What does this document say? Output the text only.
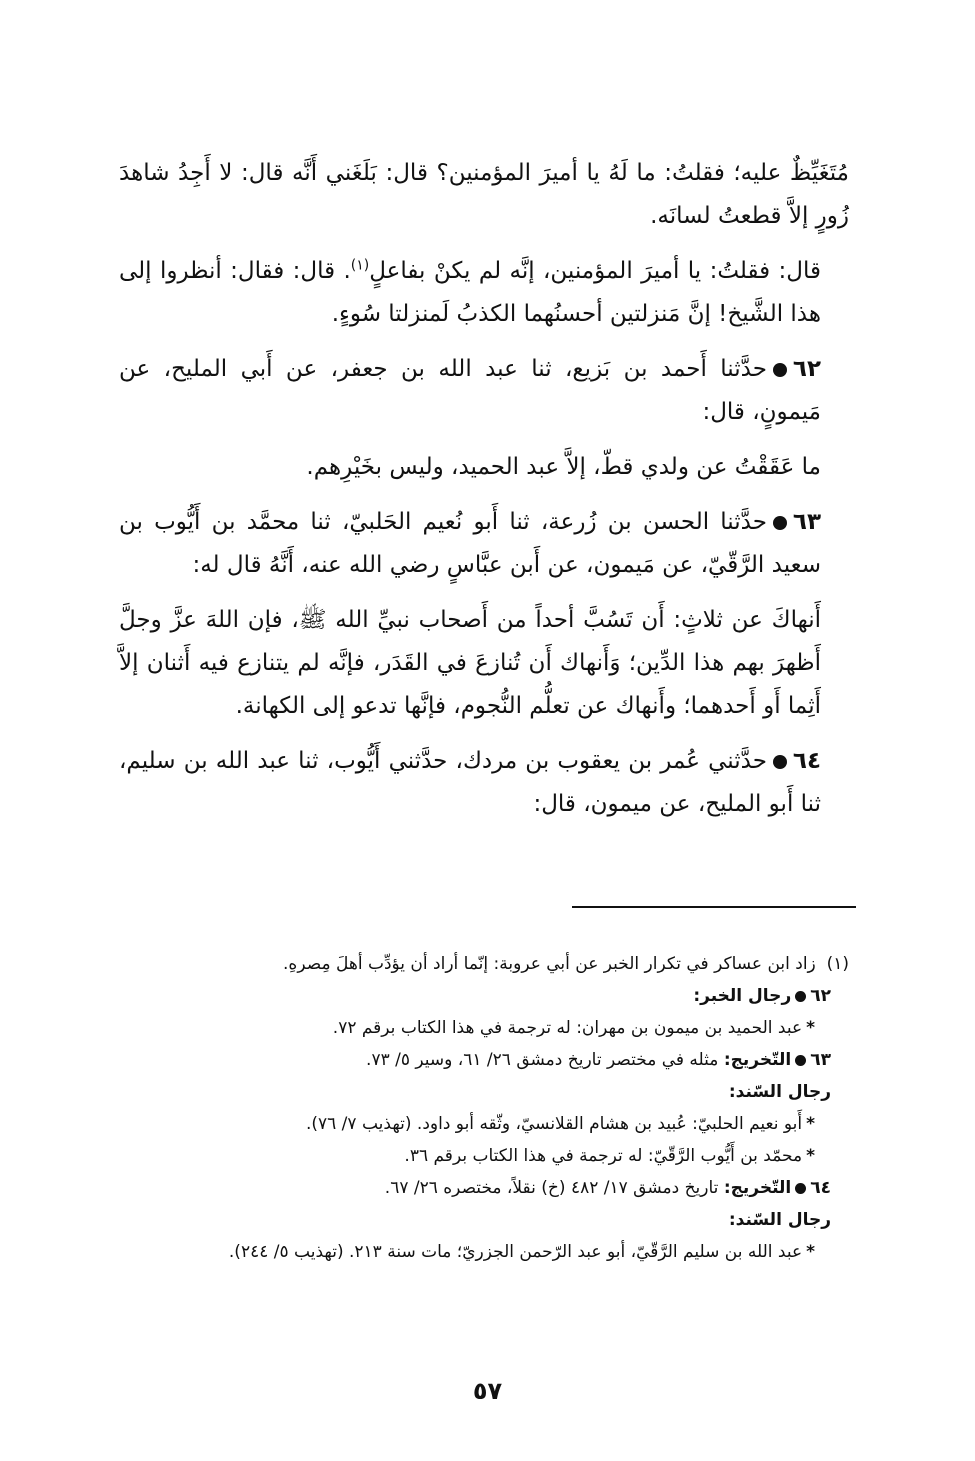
مُتَغَيِّظٌ عليه؛ فقلتُ: ما لَهُ يا أميرَ المؤمنين؟ قال: بَلَغَني أَنَّه قال: لا أَجِدُ شاهدَ زُورٍ إلاَّ قطعتُ لسانَه.

قال: فقلتُ: يا أميرَ المؤمنين، إنَّه لم يكنْ بفاعلٍ$^{(١)}$. قال: فقال: أنظروا إلى هذا الشَّيخ! إنَّ مَنزلتين أحسنُهما الكذبُ لَمنزلتا سُوءٍ.

٦٢حدَّثنا أَحمد بن بَزيع، ثنا عبد الله بن جعفر، عن أَبي المليح، عن مَيمونٍ، قال:

ما عَقَقْتُ عن ولدي قطّ، إلاَّ عبد الحميد، وليس بخَيْرِهم.

٦٣حدَّثنا الحسن بن زُرعة، ثنا أَبو نُعيم الحَلبيّ، ثنا محمَّد بن أَيُّوب بن سعيد الرَّقّيّ، عن مَيمون، عن أَبن عبَّاسٍ رضي الله عنه، أَنَّهُ قال له:

أَنهاكَ عن ثلاثٍ: أَن تَسُبَّ أحداً من أَصحاب نبيِّ الله ﷺ، فإن اللهَ عزَّ وجلَّ أَظهرَ بهم هذا الدِّين؛ وَأَنهاك أَن تُنازعَ في القَدَر، فإنَّه لم يتنازع فيه أَثنان إلاَّ أَثِما أَو أَحدهما؛ وأَنهاك عن تعلُّم النُّجوم، فإنَّها تدعو إلى الكهانة.

٦٤حدَّثني عُمر بن يعقوب بن مردك، حدَّثني أَيُّوب، ثنا عبد الله بن سليم، ثنا أَبو المليح، عن ميمون، قال:

(١)  زاد ابن عساكر في تكرار الخبر عن أبي عروبة: إنّما أراد أن يؤدِّب أهلَ مِصرهِ.

٦٢رجال الخبر:

*عبد الحميد بن ميمون بن مهران: له ترجمة في هذا الكتاب برقم ٧٢.

٦٣التّخريج: مثله في مختصر تاريخ دمشق ٢٦/ ٦١، وسير ٥/ ٧٣.

رجال السّند:

*أَبو نعيم الحلبيّ: عُبيد بن هشام القلانسيّ، وثّقه أبو داود. (تهذيب ٧/ ٧٦).

*محمّد بن أَيُّوب الرَّقّيّ: له ترجمة في هذا الكتاب برقم ٣٦.

٦٤التّخريج: تاريخ دمشق ١٧/ ٤٨٢ (خ) نقلاً، مختصره ٢٦/ ٦٧.

رجال السّند:

*عبد الله بن سليم الرَّقّيّ، أبو عبد الرّحمن الجزريّ؛ مات سنة ٢١٣. (تهذيب ٥/ ٢٤٤).

٥٧
